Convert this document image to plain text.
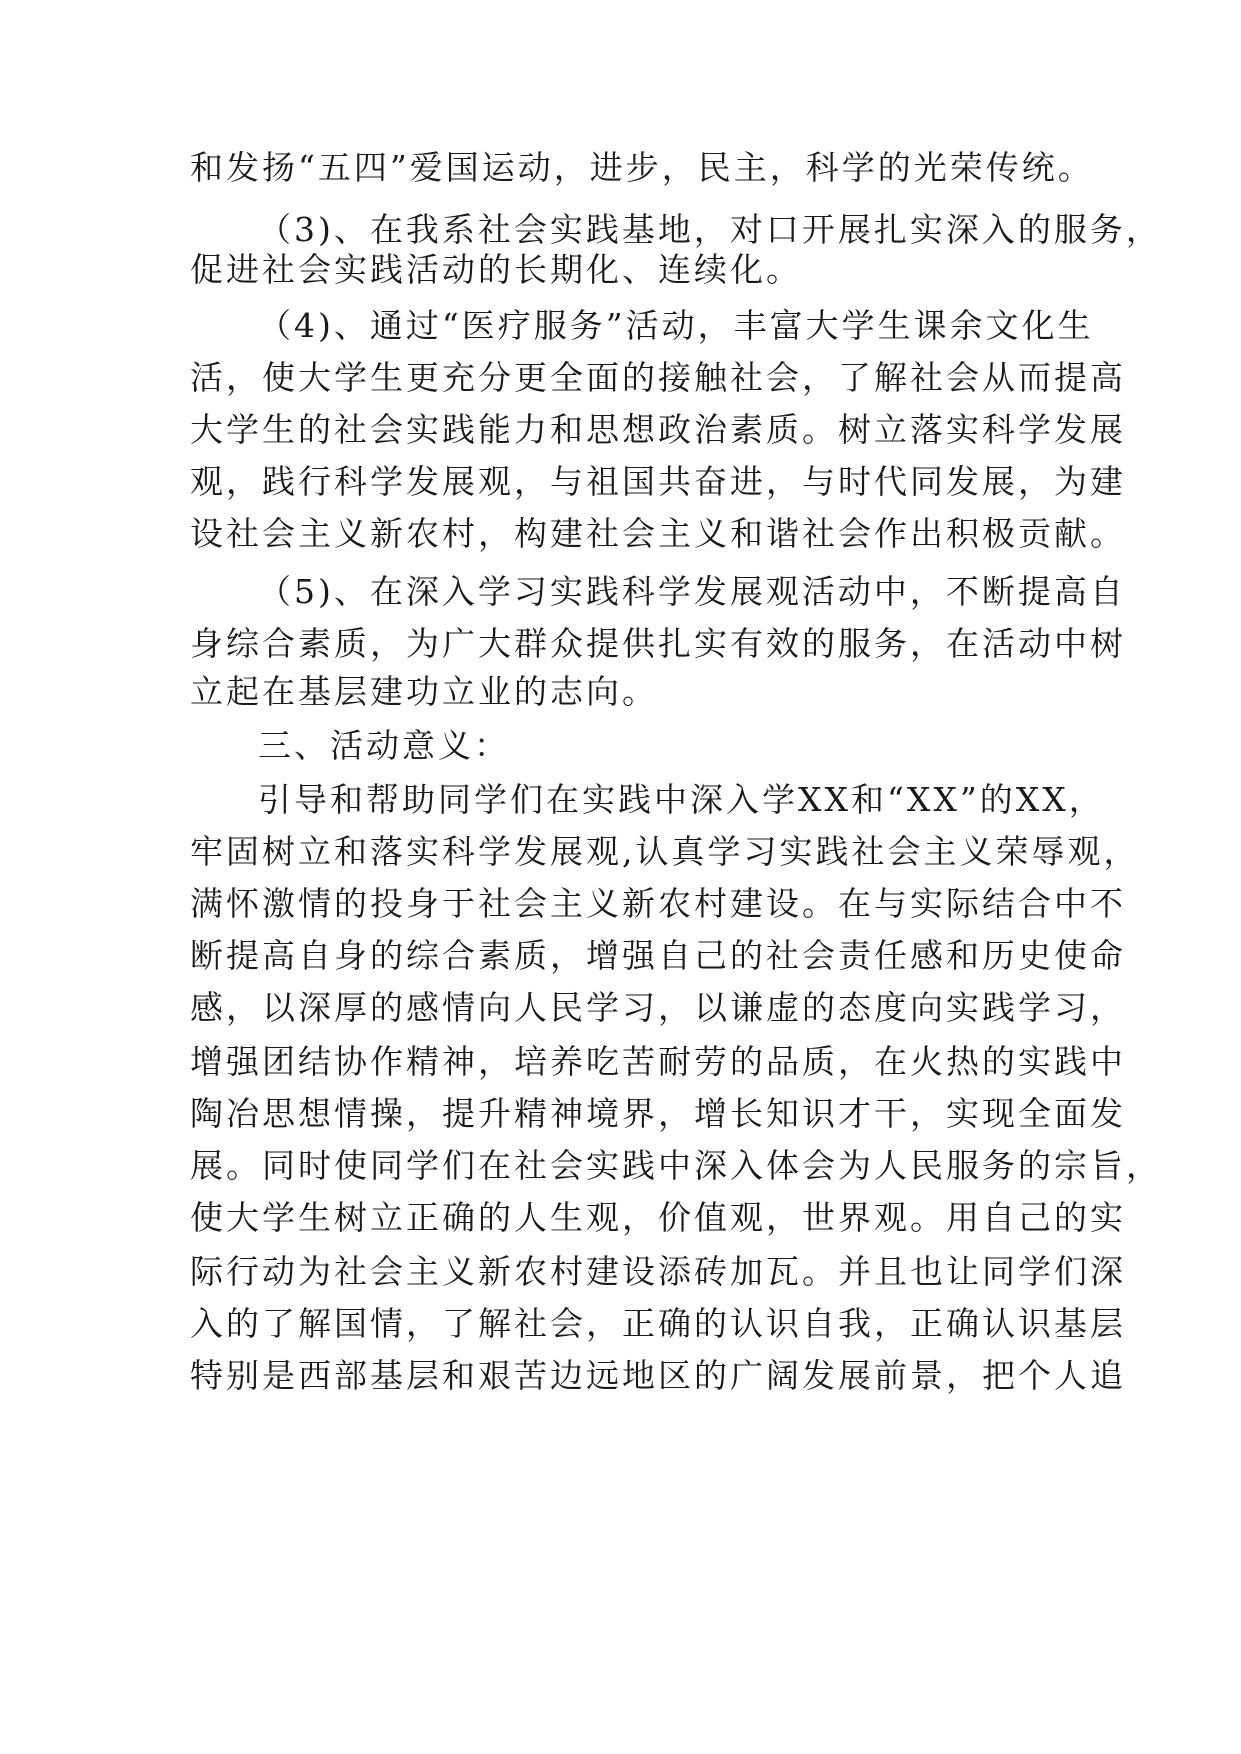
和发扬“五四”爱国运动，进步，民主，科学的光荣传统。
（3)、在我系社会实践基地，对口开展扎实深入的服务，
促进社会实践活动的长期化、连续化。
（4)、通过“医疗服务”活动，丰富大学生课余文化生
活，使大学生更充分更全面的接触社会，了解社会从而提高
大学生的社会实践能力和思想政治素质。树立落实科学发展
观，践行科学发展观，与祖国共奋进，与时代同发展，为建
设社会主义新农村，构建社会主义和谐社会作出积极贡献。
（5)、在深入学习实践科学发展观活动中，不断提高自
身综合素质，为广大群众提供扎实有效的服务，在活动中树
立起在基层建功立业的志向。
三、活动意义：
引导和帮助同学们在实践中深入学XX和“XX”的XX，
牢固树立和落实科学发展观,认真学习实践社会主义荣辱观，
满怀激情的投身于社会主义新农村建设。在与实际结合中不
断提高自身的综合素质，增强自己的社会责任感和历史使命
感，以深厚的感情向人民学习，以谦虚的态度向实践学习，
增强团结协作精神，培养吃苦耐劳的品质，在火热的实践中
陶冶思想情操，提升精神境界，增长知识才干，实现全面发
展。同时使同学们在社会实践中深入体会为人民服务的宗旨，
使大学生树立正确的人生观，价值观，世界观。用自己的实
际行动为社会主义新农村建设添砖加瓦。并且也让同学们深
入的了解国情，了解社会，正确的认识自我，正确认识基层
特别是西部基层和艰苦边远地区的广阔发展前景，把个人追
